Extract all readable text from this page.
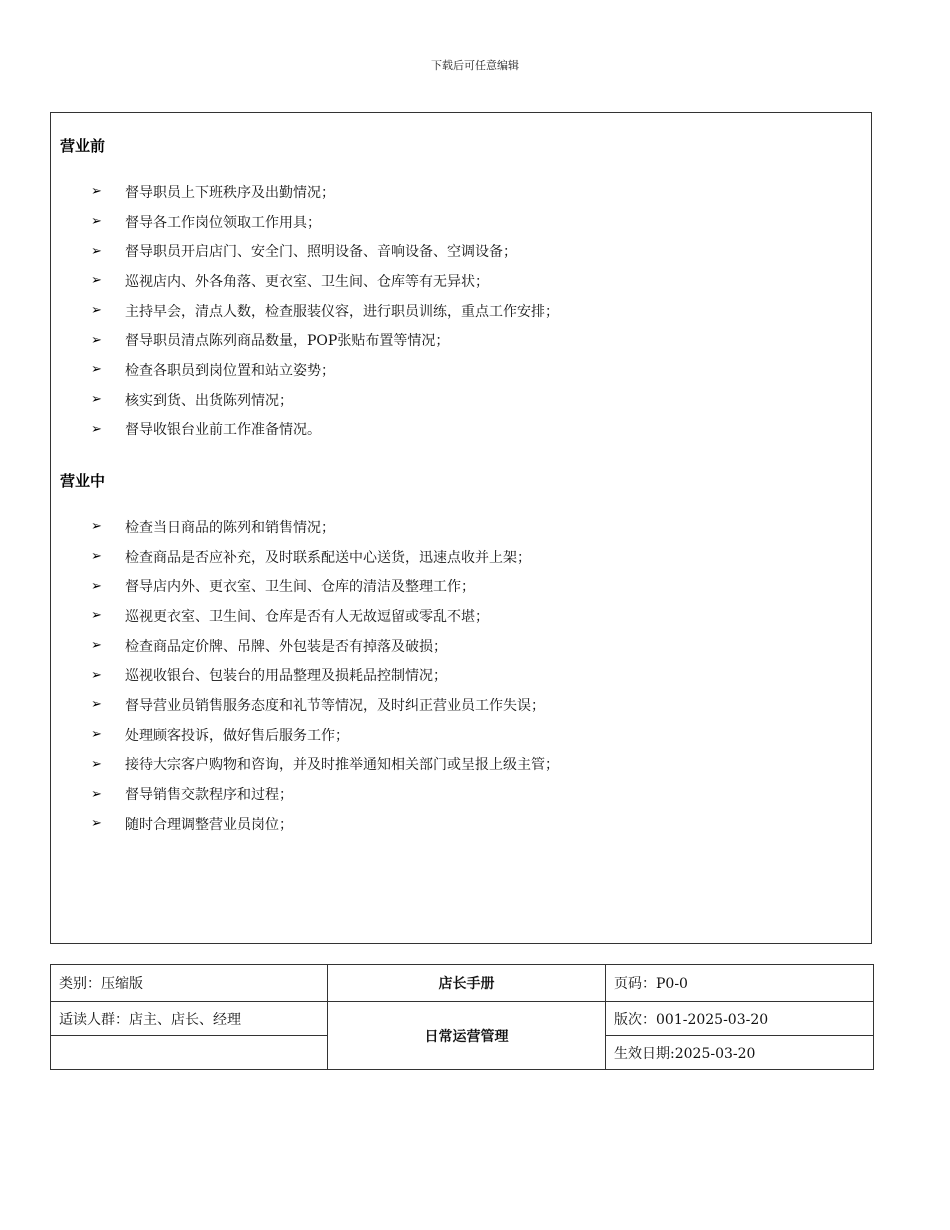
下载后可任意编辑
营业前
➢	督导职员上下班秩序及出勤情况；
➢	督导各工作岗位领取工作用具；
➢	督导职员开启店门、安全门、照明设备、音响设备、空调设备；
➢	巡视店内、外各角落、更衣室、卫生间、仓库等有无异状；
➢	主持早会，清点人数，检查服装仪容，进行职员训练，重点工作安排；
➢	督导职员清点陈列商品数量，POP张贴布置等情况；
➢	检查各职员到岗位置和站立姿势；
➢	核实到货、出货陈列情况；
➢	督导收银台业前工作准备情况。
营业中
➢	检查当日商品的陈列和销售情况；
➢	检查商品是否应补充，及时联系配送中心送货，迅速点收并上架；
➢	督导店内外、更衣室、卫生间、仓库的清洁及整理工作；
➢	巡视更衣室、卫生间、仓库是否有人无故逗留或零乱不堪；
➢	检查商品定价牌、吊牌、外包装是否有掉落及破损；
➢	巡视收银台、包装台的用品整理及损耗品控制情况；
➢	督导营业员销售服务态度和礼节等情况，及时纠正营业员工作失误；
➢	处理顾客投诉，做好售后服务工作；
➢	接待大宗客户购物和咨询，并及时推举通知相关部门或呈报上级主管；
➢	督导销售交款程序和过程；
➢	随时合理调整营业员岗位；
类别：压缩版	店长手册	页码：P0-0
适读人群：店主、店长、经理	日常运营管理	版次：001-2025-03-20
		生效日期:2025-03-20
